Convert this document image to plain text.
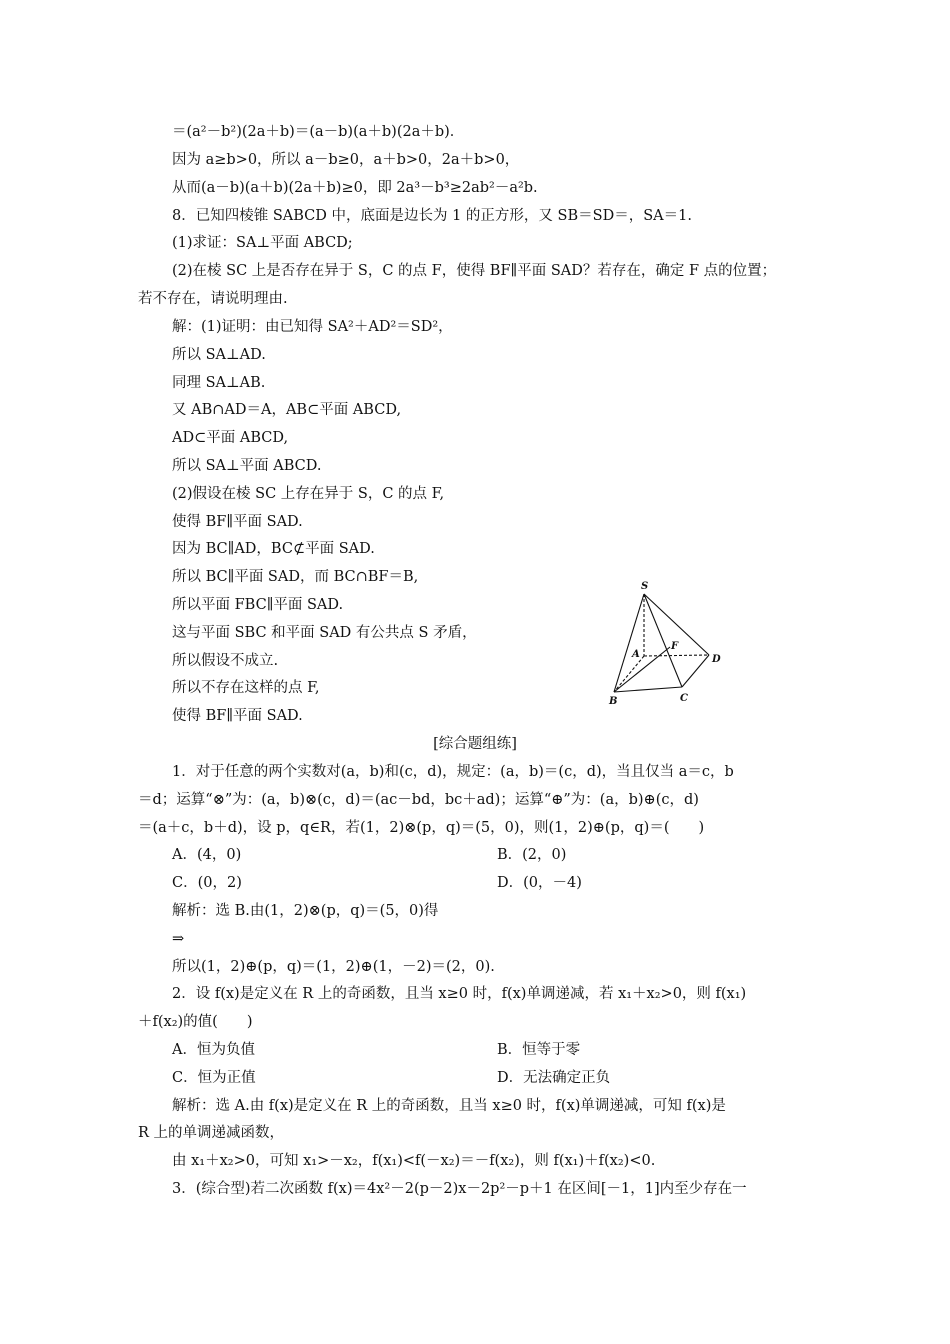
＝(a²－b²)(2a＋b)＝(a－b)(a＋b)(2a＋b)．
因为 a≥b>0，所以 a－b≥0，a＋b>0，2a＋b>0，
从而(a－b)(a＋b)(2a＋b)≥0，即 2a³－b³≥2ab²－a²b.
8．已知四棱锥 SABCD 中，底面是边长为 1 的正方形，又 SB＝SD＝，SA＝1.
(1)求证：SA⊥平面 ABCD;
(2)在棱 SC 上是否存在异于 S，C 的点 F，使得 BF∥平面 SAD？若存在，确定 F 点的位置；
若不存在，请说明理由.
解：(1)证明：由已知得 SA²＋AD²＝SD²，
所以 SA⊥AD.
同理 SA⊥AB.
又 AB∩AD＝A，AB⊂平面 ABCD,
AD⊂平面 ABCD,
所以 SA⊥平面 ABCD.
(2)假设在棱 SC 上存在异于 S，C 的点 F,
使得 BF∥平面 SAD.
因为 BC∥AD，BC⊄平面 SAD.
所以 BC∥平面 SAD，而 BC∩BF＝B,
所以平面 FBC∥平面 SAD.
这与平面 SBC 和平面 SAD 有公共点 S 矛盾，
所以假设不成立.
所以不存在这样的点 F,
使得 BF∥平面 SAD.
S
A
B	C
D
F
[综合题组练]
1．对于任意的两个实数对(a，b)和(c，d)，规定：(a，b)＝(c，d)，当且仅当 a＝c，b
＝d；运算“⊗”为：(a，b)⊗(c，d)＝(ac－bd，bc＋ad)；运算“⊕”为：(a，b)⊕(c，d)
＝(a＋c，b＋d)，设 p，q∈R，若(1，2)⊗(p，q)＝(5，0)，则(1，2)⊕(p，q)＝(　　)
A．(4，0)	B．(2，0)
C．(0，2)	D．(0，－4)
解析：选 B.由(1，2)⊗(p，q)＝(5，0)得
⇒
所以(1，2)⊕(p，q)＝(1，2)⊕(1，－2)＝(2，0).
2．设 f(x)是定义在 R 上的奇函数，且当 x≥0 时，f(x)单调递减，若 x₁＋x₂>0，则 f(x₁)
＋f(x₂)的值(　　)
A．恒为负值	B．恒等于零
C．恒为正值	D．无法确定正负
解析：选 A.由 f(x)是定义在 R 上的奇函数，且当 x≥0 时，f(x)单调递减，可知 f(x)是
R 上的单调递减函数，
由 x₁＋x₂>0，可知 x₁>－x₂，f(x₁)<f(－x₂)＝－f(x₂)，则 f(x₁)＋f(x₂)<0.
3．(综合型)若二次函数 f(x)＝4x²－2(p－2)x－2p²－p＋1 在区间[－1，1]内至少存在一
